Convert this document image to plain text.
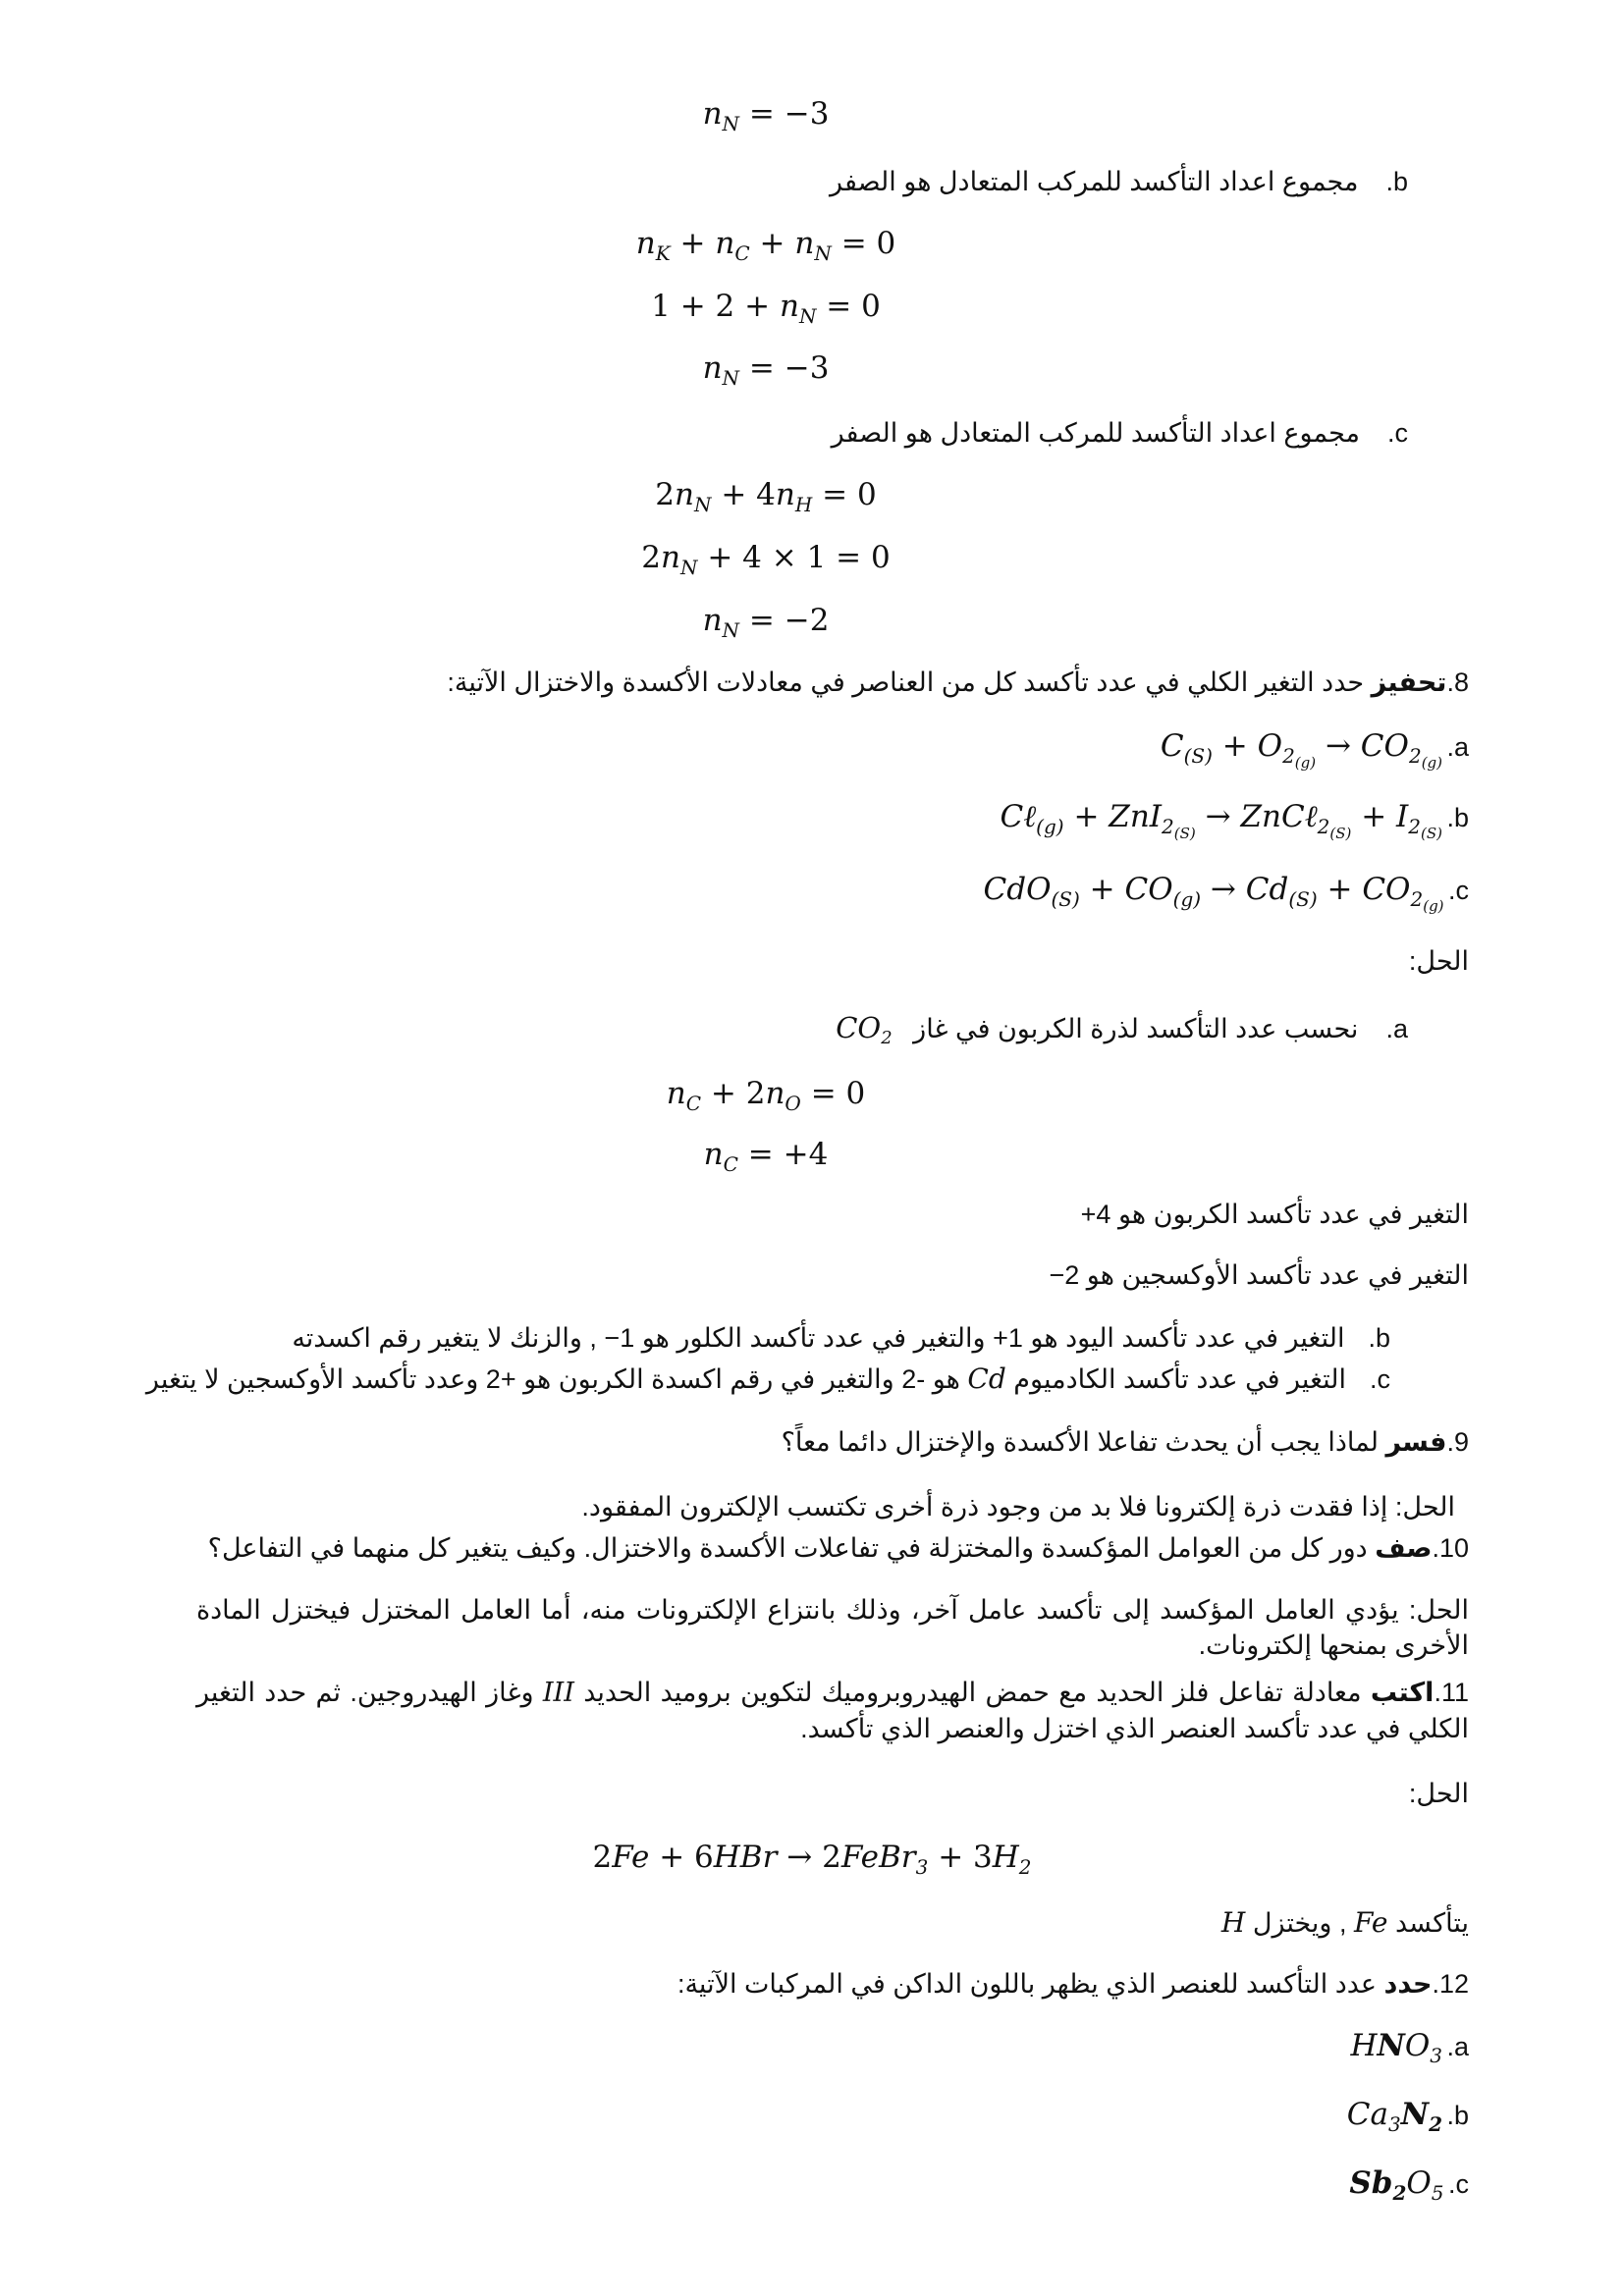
$n_N = -3$
b.مجموع اعداد التأكسد للمركب المتعادل هو الصفر
$n_K + n_C + n_N = 0$
$1 + 2 + n_N = 0$
$n_N = -3$
c.مجموع اعداد التأكسد للمركب المتعادل هو الصفر
$2n_N + 4n_H = 0$
$2n_N + 4 \times 1 = 0$
$n_N = -2$
8.تحفيز حدد التغير الكلي في عدد تأكسد كل من العناصر في معادلات الأكسدة والاختزال الآتية:
a. $C_{(S)} + O_{2_{(g)}} \to CO_{2_{(g)}}$
b. Cℓ$_{(g)}$ + ZnI$_{2_{(S)}}$ → ZnCℓ$_{2_{(S)}}$ + $I_{2_{(S)}}$
c. $CdO_{(S)} + CO_{(g)} \to Cd_{(S)} + CO_{2_{(g)}}$
الحل:
a.نحسب عدد التأكسد لذرة الكربون في غاز $CO_2$
$n_C + 2n_O = 0$
$n_C = +4$
التغير في عدد تأكسد الكربون هو +4
التغير في عدد تأكسد الأوكسجين هو −2
b.التغير في عدد تأكسد اليود هو +1 والتغير في عدد تأكسد الكلور هو −1 , والزنك لا يتغير رقم اكسدته
c.التغير في عدد تأكسد الكادميوم Cd هو -2 والتغير في رقم اكسدة الكربون هو +2 وعدد تأكسد الأوكسجين لا يتغير
9.فسر لماذا يجب أن يحدث تفاعلا الأكسدة والإختزال دائما معاً؟
الحل: إذا فقدت ذرة إلكترونا فلا بد من وجود ذرة أخرى تكتسب الإلكترون المفقود.
10.صف دور كل من العوامل المؤكسدة والمختزلة في تفاعلات الأكسدة والاختزال. وكيف يتغير كل منهما في التفاعل؟
الحل: يؤدي العامل المؤكسد إلى تأكسد عامل آخر، وذلك بانتزاع الإلكترونات منه، أما العامل المختزل فيختزل المادة الأخرى بمنحها إلكترونات.
11.اكتب معادلة تفاعل فلز الحديد مع حمض الهيدروبروميك لتكوين بروميد الحديد III وغاز الهيدروجين. ثم حدد التغير الكلي في عدد تأكسد العنصر الذي اختزل والعنصر الذي تأكسد.
الحل:
2Fe + 6HBr → 2FeBr$_3$ + $3H_2$
يتأكسد Fe , ويختزل H
12.حدد عدد التأكسد للعنصر الذي يظهر باللون الداكن في المركبات الآتية:
a. $HNO_3$
b. $Ca_3N_2$
c. $Sb_2O_5$
